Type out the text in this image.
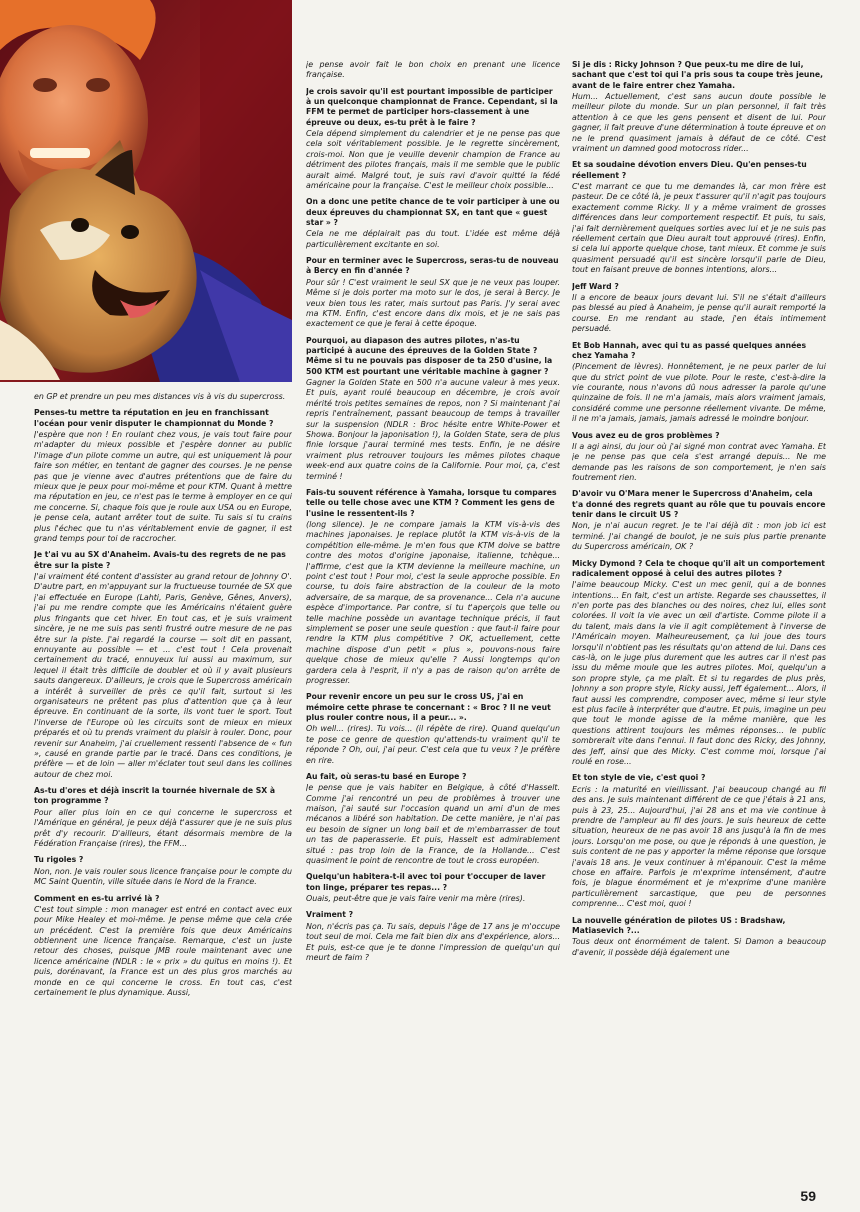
en GP et prendre un peu mes distances vis à vis du supercross.

Penses-tu mettre ta réputation en jeu en franchissant l'océan pour venir disputer le championnat du Monde ?

J'espère que non ! En roulant chez vous, je vais tout faire pour m'adapter du mieux possible et j'espère donner au public l'image d'un pilote comme un autre, qui est uniquement là pour faire son métier, en tentant de gagner des courses. Je ne pense pas que je vienne avec d'autres prétentions que de faire du mieux que je peux pour moi-même et pour KTM. Quant à mettre ma réputation en jeu, ce n'est pas le terme à employer en ce qui me concerne. Si, chaque fois que je roule aux USA ou en Europe, je pense cela, autant arrêter tout de suite. Tu sais si tu crains plus l'échec que tu n'as véritablement envie de gagner, il est grand temps pour toi de raccrocher.

Je t'ai vu au SX d'Anaheim. Avais-tu des regrets de ne pas être sur la piste ?

J'ai vraiment été content d'assister au grand retour de Johnny O'. D'autre part, en m'appuyant sur la fructueuse tournée de SX que j'ai effectuée en Europe (Lahti, Paris, Genève, Gênes, Anvers), j'ai pu me rendre compte que les Américains n'étaient guère plus fringants que cet hiver. En tout cas, et je suis vraiment sincère, je ne me suis pas senti frustré outre mesure de ne pas être sur la piste. J'ai regardé la course — soit dit en passant, ennuyante au possible — et ... c'est tout ! Cela provenait certainement du tracé, ennuyeux lui aussi au maximum, sur lequel il était très difficile de doubler et où il y avait plusieurs sauts dangereux. D'ailleurs, je crois que le Supercross américain a intérêt à surveiller de près ce qu'il fait, surtout si les organisateurs ne prêtent pas plus d'attention que ça à leur épreuve. En continuant de la sorte, ils vont tuer le sport. Tout l'inverse de l'Europe où les circuits sont de mieux en mieux préparés et où tu prends vraiment du plaisir à rouler. Donc, pour revenir sur Anaheim, j'ai cruellement ressenti l'absence de « fun », causé en grande partie par le tracé. Dans ces conditions, je préfère — et de loin — aller m'éclater tout seul dans les collines autour de chez moi.

As-tu d'ores et déjà inscrit la tournée hivernale de SX à ton programme ?

Pour aller plus loin en ce qui concerne le supercross et l'Amérique en général, je peux déjà t'assurer que je ne suis plus prêt d'y recourir. D'ailleurs, étant désormais membre de la Fédération Française (rires), the FFM...

Tu rigoles ?

Non, non. Je vais rouler sous licence française pour le compte du MC Saint Quentin, ville située dans le Nord de la France.

Comment en es-tu arrivé là ?

C'est tout simple : mon manager est entré en contact avec eux pour Mike Healey et moi-même. Je pense même que cela crée un précédent. C'est la première fois que deux Américains obtiennent une licence française. Remarque, c'est un juste retour des choses, puisque JMB roule maintenant avec une licence américaine (NDLR : le « prix » du quitus en moins !). Et puis, dorénavant, la France est un des plus gros marchés au monde en ce qui concerne le cross. En tout cas, c'est certainement le plus dynamique. Aussi,

je pense avoir fait le bon choix en prenant une licence française.

Je crois savoir qu'il est pourtant impossible de participer à un quelconque championnat de France. Cependant, si la FFM te permet de participer hors-classement à une épreuve ou deux, es-tu prêt à le faire ?

Cela dépend simplement du calendrier et je ne pense pas que cela soit véritablement possible. Je le regrette sincèrement, crois-moi. Non que je veuille devenir champion de France au détriment des pilotes français, mais il me semble que le public aurait aimé. Malgré tout, je suis ravi d'avoir quitté la fédé américaine pour la française. C'est le meilleur choix possible...

On a donc une petite chance de te voir participer à une ou deux épreuves du championnat SX, en tant que « guest star » ?

Cela ne me déplairait pas du tout. L'idée est même déjà particulièrement excitante en soi.

Pour en terminer avec le Supercross, seras-tu de nouveau à Bercy en fin d'année ?

Pour sûr ! C'est vraiment le seul SX que je ne veux pas louper. Même si je dois porter ma moto sur le dos, je serai à Bercy. Je veux bien tous les rater, mais surtout pas Paris. J'y serai avec ma KTM. Enfin, c'est encore dans dix mois, et je ne sais pas exactement ce que je ferai à cette époque.

Pourquoi, au diapason des autres pilotes, n'as-tu participé à aucune des épreuves de la Golden State ? Même si tu ne pouvais pas disposer de ta 250 d'usine, la 500 KTM est pourtant une véritable machine à gagner ?

Gagner la Golden State en 500 n'a aucune valeur à mes yeux. Et puis, ayant roulé beaucoup en décembre, je crois avoir mérité trois petites semaines de repos, non ? Si maintenant j'ai repris l'entraînement, passant beaucoup de temps à travailler sur la suspension (NDLR : Broc hésite entre White-Power et Showa. Bonjour la japonisation !), la Golden State, sera de plus finie lorsque j'aurai terminé mes tests. Enfin, je ne désire vraiment plus retrouver toujours les mêmes pilotes chaque week-end aux quatre coins de la Californie. Pour moi, ça, c'est terminé !

Fais-tu souvent référence à Yamaha, lorsque tu compares telle ou telle chose avec une KTM ? Comment les gens de l'usine le ressentent-ils ?

(long silence). Je ne compare jamais la KTM vis-à-vis des machines japonaises. Je replace plutôt la KTM vis-à-vis de la compétition elle-même. Je m'en fous que KTM doive se battre contre des motos d'origine japonaise, italienne, tchèque... J'affirme, c'est que la KTM devienne la meilleure machine, un point c'est tout ! Pour moi, c'est la seule approche possible. En course, tu dois faire abstraction de la couleur de la moto adversaire, de sa marque, de sa provenance... Cela n'a aucune espèce d'importance. Par contre, si tu t'aperçois que telle ou telle machine possède un avantage technique précis, il faut simplement se poser une seule question : que faut-il faire pour rendre la KTM plus compétitive ? OK, actuellement, cette machine dispose d'un petit « plus », pouvons-nous faire quelque chose de mieux qu'elle ? Aussi longtemps qu'on gardera cela à l'esprit, il n'y a pas de raison qu'on arrête de progresser.

Pour revenir encore un peu sur le cross US, j'ai en mémoire cette phrase te concernant : « Broc ? Il ne veut plus rouler contre nous, il a peur... ».

Oh well... (rires). Tu vois... (il répète de rire). Quand quelqu'un te pose ce genre de question qu'attends-tu vraiment qu'il te réponde ? Oh, oui, j'ai peur. C'est cela que tu veux ? Je préfère en rire.

Au fait, où seras-tu basé en Europe ?

Je pense que je vais habiter en Belgique, à côté d'Hasselt. Comme j'ai rencontré un peu de problèmes à trouver une maison, j'ai sauté sur l'occasion quand un ami d'un de mes mécanos a libéré son habitation. De cette manière, je n'ai pas eu besoin de signer un long bail et de m'embarrasser de tout un tas de paperasserie. Et puis, Hasselt est admirablement situé : pas trop loin de la France, de la Hollande... C'est quasiment le point de rencontre de tout le cross européen.

Quelqu'un habitera-t-il avec toi pour t'occuper de laver ton linge, préparer tes repas... ?

Ouais, peut-être que je vais faire venir ma mère (rires).

Vraiment ?

Non, n'écris pas ça. Tu sais, depuis l'âge de 17 ans je m'occupe tout seul de moi. Cela me fait bien dix ans d'expérience, alors... Et puis, est-ce que je te donne l'impression de quelqu'un qui meurt de faim ?

Si je dis : Ricky Johnson ? Que peux-tu me dire de lui, sachant que c'est toi qui l'a pris sous ta coupe très jeune, avant de le faire entrer chez Yamaha.

Hum... Actuellement, c'est sans aucun doute possible le meilleur pilote du monde. Sur un plan personnel, il fait très attention à ce que les gens pensent et disent de lui. Pour gagner, il fait preuve d'une détermination à toute épreuve et on ne le prend quasiment jamais à défaut de ce côté. C'est vraiment un damned good motocross rider...

Et sa soudaine dévotion envers Dieu. Qu'en penses-tu réellement ?

C'est marrant ce que tu me demandes là, car mon frère est pasteur. De ce côté là, je peux t'assurer qu'il n'agit pas toujours exactement comme Ricky. Il y a même vraiment de grosses différences dans leur comportement respectif. Et puis, tu sais, j'ai fait dernièrement quelques sorties avec lui et je ne suis pas réellement certain que Dieu aurait tout approuvé (rires). Enfin, si cela lui apporte quelque chose, tant mieux. Et comme je suis quasiment persuadé qu'il est sincère lorsqu'il parle de Dieu, tout en faisant preuve de bonnes intentions, alors...

Jeff Ward ?

Il a encore de beaux jours devant lui. S'il ne s'était d'ailleurs pas blessé au pied à Anaheim, je pense qu'il aurait remporté la course. En me rendant au stade, j'en étais intimement persuadé.

Et Bob Hannah, avec qui tu as passé quelques années chez Yamaha ?

(Pincement de lèvres). Honnêtement, je ne peux parler de lui que du strict point de vue pilote. Pour le reste, c'est-à-dire la vie courante, nous n'avons dû nous adresser la parole qu'une quinzaine de fois. Il ne m'a jamais, mais alors vraiment jamais, considéré comme une personne réellement vivante. De même, il ne m'a jamais, jamais, jamais adressé le moindre bonjour.

Vous avez eu de gros problèmes ?

Il a agi ainsi, du jour où j'ai signé mon contrat avec Yamaha. Et je ne pense pas que cela s'est arrangé depuis... Ne me demande pas les raisons de son comportement, je n'en sais foutrement rien.

D'avoir vu O'Mara mener le Supercross d'Anaheim, cela t'a donné des regrets quant au rôle que tu pouvais encore tenir dans le circuit US ?

Non, je n'ai aucun regret. Je te l'ai déjà dit : mon job ici est terminé. J'ai changé de boulot, je ne suis plus partie prenante du Supercross américain, OK ?

Micky Dymond ? Cela te choque qu'il ait un comportement radicalement opposé à celui des autres pilotes ?

J'aime beaucoup Micky. C'est un mec genil, qui a de bonnes intentions... En fait, c'est un artiste. Regarde ses chaussettes, il n'en porte pas des blanches ou des noires, chez lui, elles sont colorées. Il voit la vie avec un œil d'artiste. Comme pilote il a du talent, mais dans la vie il agit complètement à l'inverse de l'Américain moyen. Malheureusement, ça lui joue des tours lorsqu'il n'obtient pas les résultats qu'on attend de lui. Dans ces cas-là, on le juge plus durement que les autres car il n'est pas issu du même moule que les autres pilotes. Moi, quelqu'un a son propre style, ça me plaît. Et si tu regardes de plus près, Johnny a son propre style, Ricky aussi, Jeff également... Alors, il faut aussi les comprendre, composer avec, même si leur style est plus facile à interpréter que d'autre. Et puis, imagine un peu que tout le monde agisse de la même manière, que les questions attirent toujours les mêmes réponses... le public sombrerait vite dans l'ennui. Il faut donc des Ricky, des Johnny, des Jeff, ainsi que des Micky. C'est comme moi, lorsque j'ai roulé en rose...

Et ton style de vie, c'est quoi ?

Ecris : la maturité en vieillissant. J'ai beaucoup changé au fil des ans. Je suis maintenant différent de ce que j'étais à 21 ans, puis à 23, 25... Aujourd'hui, j'ai 28 ans et ma vie continue à prendre de l'ampleur au fil des jours. Je suis heureux de cette situation, heureux de ne pas avoir 18 ans jusqu'à la fin de mes jours. Lorsqu'on me pose, ou que je réponds à une question, je suis content de ne pas y apporter la même réponse que lorsque j'avais 18 ans. Je veux continuer à m'épanouir. C'est la même chose en affaire. Parfois je m'exprime intensément, d'autre fois, je blague énormément et je m'exprime d'une manière particulièrement sarcastique, que peu de personnes comprenne... C'est moi, quoi !

La nouvelle génération de pilotes US : Bradshaw, Matiasevich ?...

Tous deux ont énormément de talent. Si Damon a beaucoup d'avenir, il possède déjà également une

59
